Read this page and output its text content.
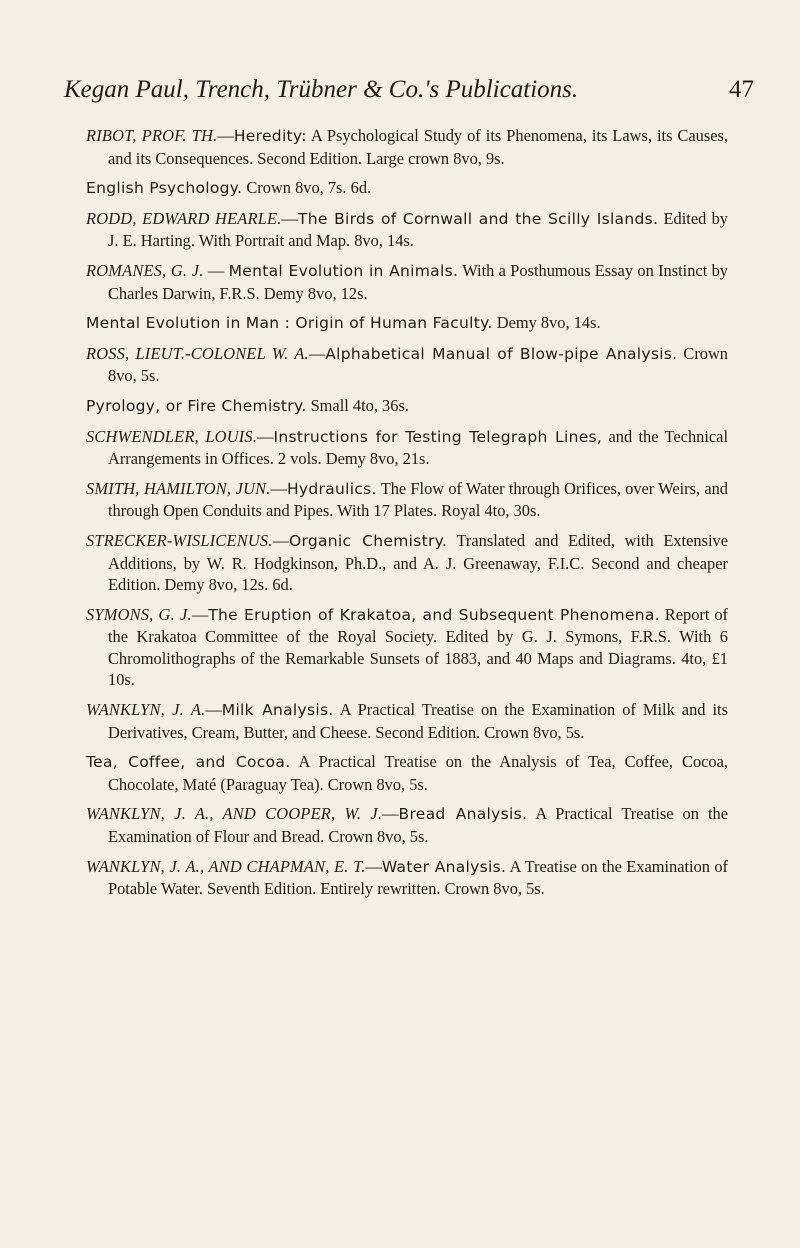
Kegan Paul, Trench, Trübner & Co.'s Publications.	47

RIBOT, PROF. TH.—Heredity: A Psychological Study of its Phenomena, its Laws, its Causes, and its Consequences. Second Edition. Large crown 8vo, 9s.

English Psychology. Crown 8vo, 7s. 6d.

RODD, EDWARD HEARLE.—The Birds of Cornwall and the Scilly Islands. Edited by J. E. Harting. With Portrait and Map. 8vo, 14s.

ROMANES, G. J. — Mental Evolution in Animals. With a Posthumous Essay on Instinct by Charles Darwin, F.R.S. Demy 8vo, 12s.

Mental Evolution in Man : Origin of Human Faculty. Demy 8vo, 14s.

ROSS, LIEUT.-COLONEL W. A.—Alphabetical Manual of Blow-pipe Analysis. Crown 8vo, 5s.

Pyrology, or Fire Chemistry. Small 4to, 36s.

SCHWENDLER, LOUIS.—Instructions for Testing Telegraph Lines, and the Technical Arrangements in Offices. 2 vols. Demy 8vo, 21s.

SMITH, HAMILTON, JUN.—Hydraulics. The Flow of Water through Orifices, over Weirs, and through Open Conduits and Pipes. With 17 Plates. Royal 4to, 30s.

STRECKER-WISLICENUS.—Organic Chemistry. Translated and Edited, with Extensive Additions, by W. R. Hodgkinson, Ph.D., and A. J. Greenaway, F.I.C. Second and cheaper Edition. Demy 8vo, 12s. 6d.

SYMONS, G. J.—The Eruption of Krakatoa, and Subsequent Phenomena. Report of the Krakatoa Committee of the Royal Society. Edited by G. J. Symons, F.R.S. With 6 Chromolithographs of the Remarkable Sunsets of 1883, and 40 Maps and Diagrams. 4to, £1 10s.

WANKLYN, J. A.—Milk Analysis. A Practical Treatise on the Examination of Milk and its Derivatives, Cream, Butter, and Cheese. Second Edition. Crown 8vo, 5s.

Tea, Coffee, and Cocoa. A Practical Treatise on the Analysis of Tea, Coffee, Cocoa, Chocolate, Maté (Paraguay Tea). Crown 8vo, 5s.

WANKLYN, J. A., AND COOPER, W. J.—Bread Analysis. A Practical Treatise on the Examination of Flour and Bread. Crown 8vo, 5s.

WANKLYN, J. A., AND CHAPMAN, E. T.—Water Analysis. A Treatise on the Examination of Potable Water. Seventh Edition. Entirely rewritten. Crown 8vo, 5s.
